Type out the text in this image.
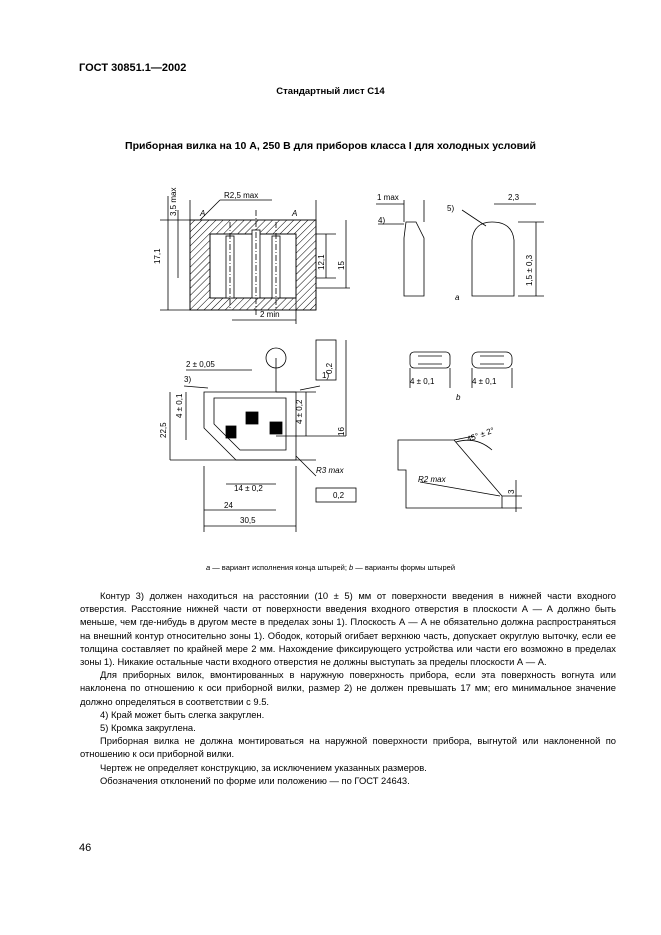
ГОСТ 30851.1—2002
Стандартный лист С14
Приборная вилка на 10 А, 250 В для приборов класса I для холодных условий
A	A
R2,5 max
3,5 max
17,1	12,1 15
2 min
1 max
4)
5)
2,3
1,5 ± 0,3
a
2 ± 0,05
3)	1)
4 ± 0,1	4 ± 0,2
22,5	16
0,2
0,2
R3 max
14 ± 0,2
24
30,5
4 ± 0,1	4 ± 0,1
b
45° ± 2°
R2 max
3
a — вариант исполнения конца штырей; b — варианты формы штырей

Контур 3) должен находиться на расстоянии (10 ± 5) мм от поверхности введения в нижней части входного отверстия. Расстояние нижней части от поверхности введения входного отверстия в плоскости А — А должно быть меньше, чем где-нибудь в другом месте в пределах зоны 1). Плоскость А — А не обязательно должна распространяться на внешний контур относительно зоны 1). Ободок, который огибает верхнюю часть, допускает округлую выточку, если ее толщина составляет по крайней мере 2 мм. Нахождение фиксирующего устройства или части его возможно в пределах зоны 1). Никакие остальные части входного отверстия не должны выступать за пределы плоскости А — А.

Для приборных вилок, вмонтированных в наружную поверхность прибора, если эта поверхность вогнута или наклонена по отношению к оси приборной вилки, размер 2) не должен превышать 17 мм; его минимальное значение должно определяться в соответствии с 9.5.

4) Край может быть слегка закруглен.

5) Кромка закруглена.

Приборная вилка не должна монтироваться на наружной поверхности прибора, выгнутой или наклоненной по отношению к оси приборной вилки.

Чертеж не определяет конструкцию, за исключением указанных размеров.

Обозначения отклонений по форме или положению — по ГОСТ 24643.

46
